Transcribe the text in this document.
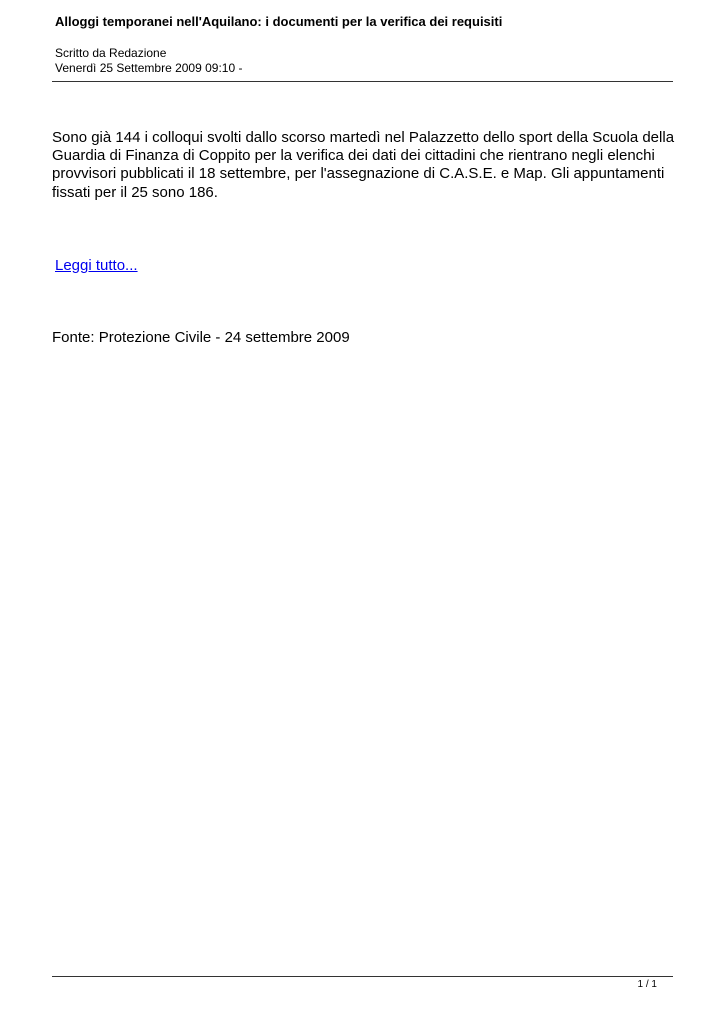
Alloggi temporanei nell'Aquilano: i documenti per la verifica dei requisiti
Scritto da Redazione
Venerdì 25 Settembre 2009 09:10 -

Sono già 144 i colloqui svolti dallo scorso martedì nel Palazzetto dello sport della Scuola della Guardia di Finanza di Coppito per la verifica dei dati dei cittadini che rientrano negli elenchi provvisori pubblicati il 18 settembre, per l'assegnazione di C.A.S.E. e Map. Gli appuntamenti fissati per il 25 sono 186.

Leggi tutto...

Fonte: Protezione Civile - 24 settembre 2009

1 / 1
